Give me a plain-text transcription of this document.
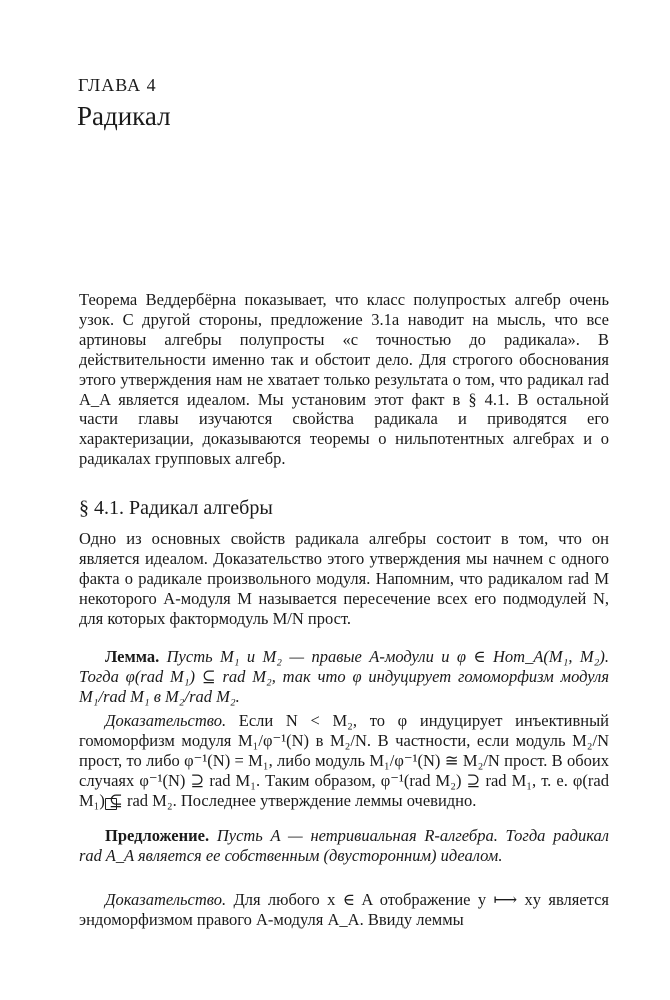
ГЛАВА 4
Радикал

Теорема Веддербёрна показывает, что класс полупростых алгебр очень узок. С другой стороны, предложение 3.1а наводит на мысль, что все артиновы алгебры полупросты «с точностью до радикала». В действительности именно так и обстоит дело. Для строгого обоснования этого утверждения нам не хватает только результата о том, что радикал rad A_A является идеалом. Мы установим этот факт в § 4.1. В остальной части главы изучаются свойства радикала и приводятся его характеризации, доказываются теоремы о нильпотентных алгебрах и о радикалах групповых алгебр.

§ 4.1. Радикал алгебры

Одно из основных свойств радикала алгебры состоит в том, что он является идеалом. Доказательство этого утверждения мы начнем с одного факта о радикале произвольного модуля. Напомним, что радикалом rad M некоторого A-модуля M называется пересечение всех его подмодулей N, для которых фактормодуль M/N прост.

Лемма. Пусть M₁ и M₂ — правые A-модули и φ ∈ Hom_A(M₁, M₂). Тогда φ(rad M₁) ⊆ rad M₂, так что φ индуцирует гомоморфизм модуля M₁/rad M₁ в M₂/rad M₂.

Доказательство. Если N < M₂, то φ индуцирует инъективный гомоморфизм модуля M₁/φ⁻¹(N) в M₂/N. В частности, если модуль M₂/N прост, то либо φ⁻¹(N) = M₁, либо модуль M₁/φ⁻¹(N) ≅ M₂/N прост. В обоих случаях φ⁻¹(N) ⊇ rad M₁. Таким образом, φ⁻¹(rad M₂) ⊇ rad M₁, т. е. φ(rad M₁) ⊆ rad M₂. Последнее утверждение леммы очевидно.

Предложение. Пусть A — нетривиальная R-алгебра. Тогда радикал rad A_A является ее собственным (двусторонним) идеалом.

Доказательство. Для любого x ∈ A отображение y ⟼ xy является эндоморфизмом правого A-модуля A_A. Ввиду леммы
